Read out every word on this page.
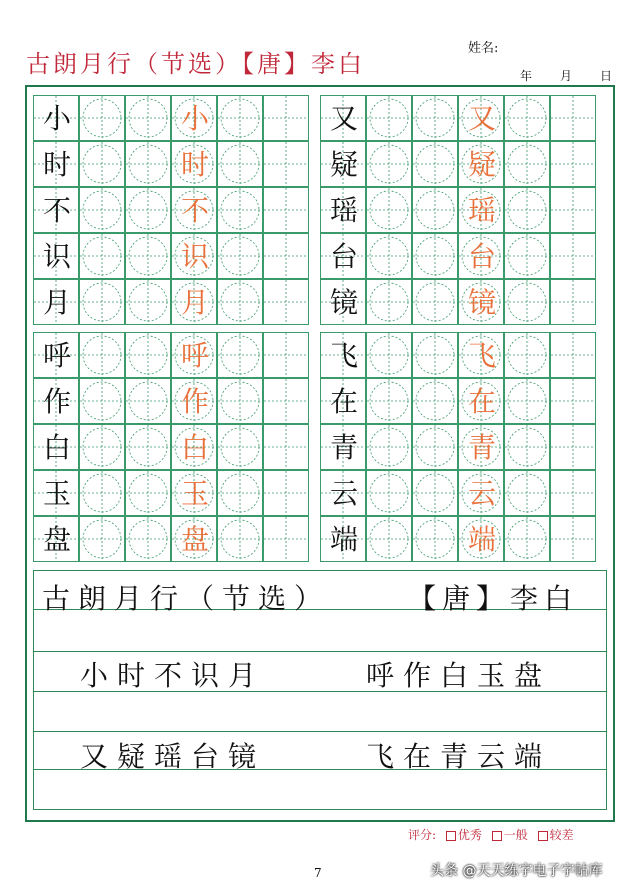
古朗月行（节选）【唐】李白
姓名:
年 月 日
小	小
时	时
不	不
识	识
月	月
又	又
疑	疑
瑶	瑶
台	台
镜	镜
呼	呼
作	作
白	白
玉	玉
盘	盘
飞	飞
在	在
青	青
云	云
端	端
古朗月行（节选）	【唐】李白
小时不识月	呼作白玉盘
又疑瑶台镜	飞在青云端
评分: 优秀 一般 较差
7	头条 @天天练字电子字帖库
